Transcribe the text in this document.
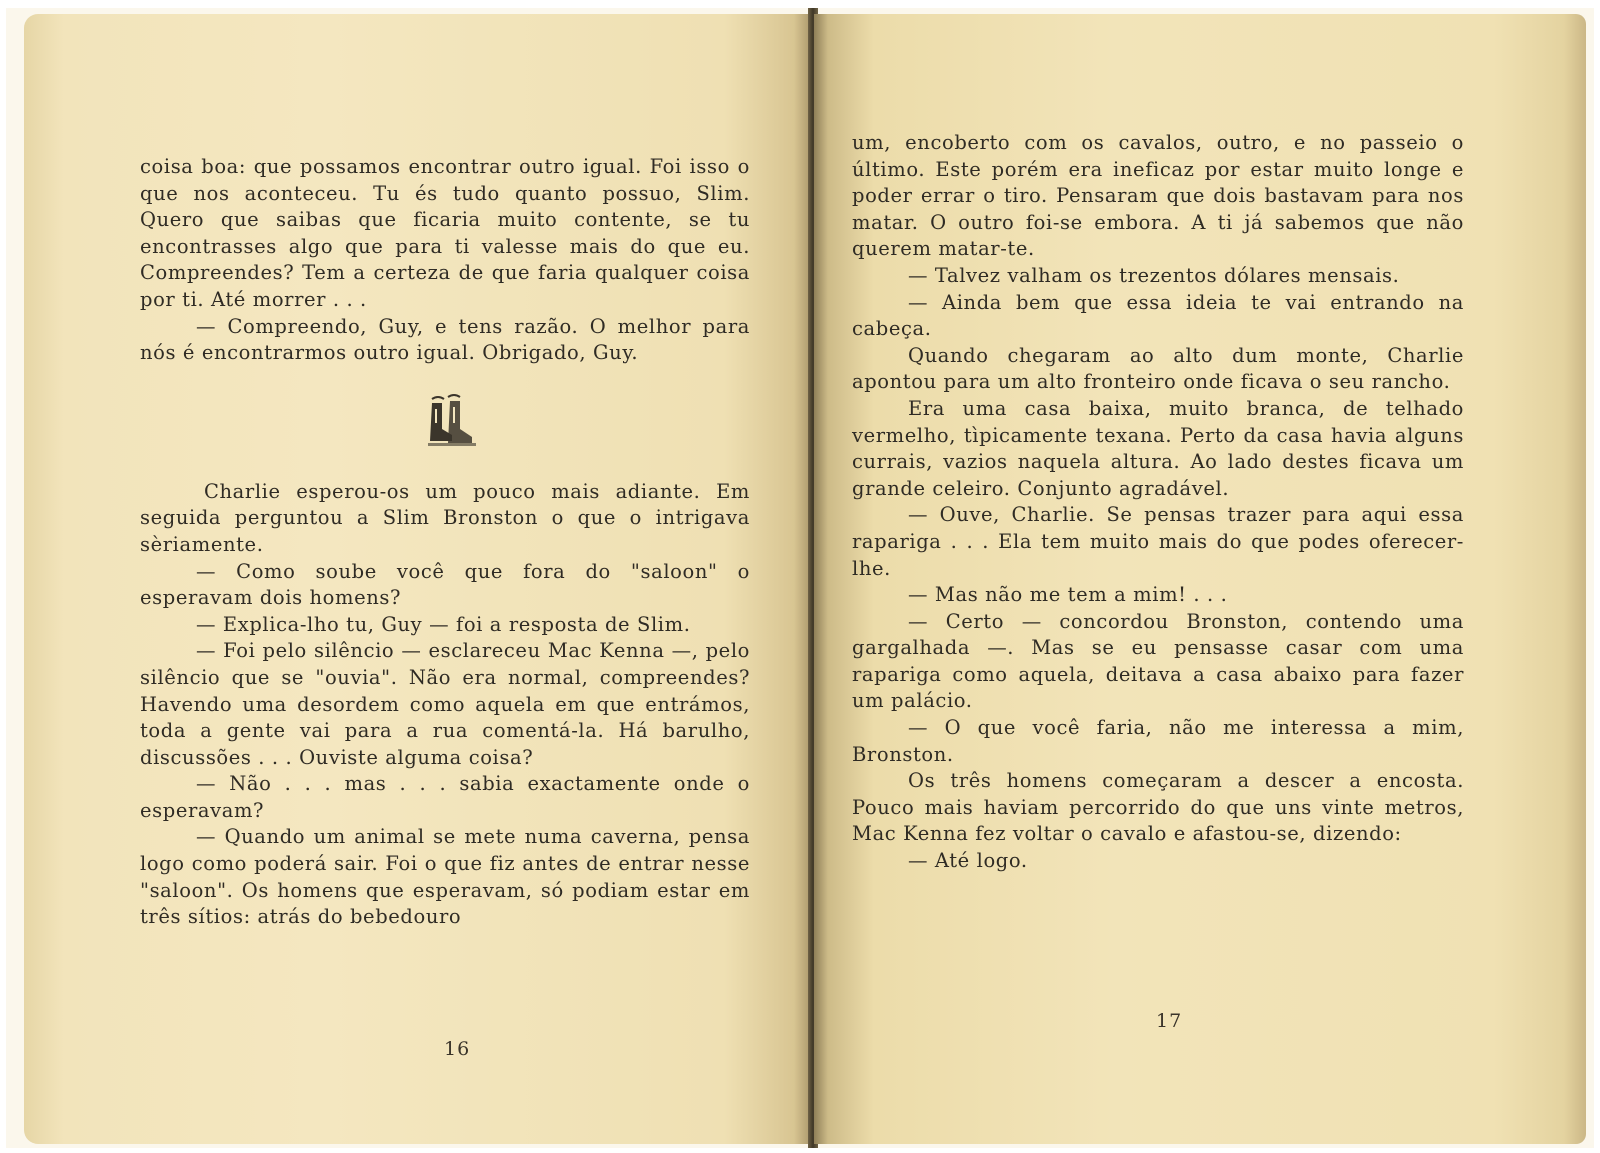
coisa boa: que possamos encontrar outro igual. Foi isso o que nos aconteceu. Tu és tudo quanto possuo, Slim. Quero que saibas que ficaria muito contente, se tu encontrasses algo que para ti valesse mais do que eu. Compreendes? Tem a certeza de que faria qualquer coisa por ti. Até morrer . . .

— Compreendo, Guy, e tens razão. O melhor para nós é encontrarmos outro igual. Obrigado, Guy.

Charlie esperou-os um pouco mais adiante. Em seguida perguntou a Slim Bronston o que o intrigava sèriamente.

— Como soube você que fora do "saloon" o esperavam dois homens?

— Explica-lho tu, Guy — foi a resposta de Slim.

— Foi pelo silêncio — esclareceu Mac Kenna —, pelo silêncio que se "ouvia". Não era normal, compreendes? Havendo uma desordem como aquela em que entrámos, toda a gente vai para a rua comentá-la. Há barulho, discussões . . . Ouviste alguma coisa?

— Não . . . mas . . . sabia exactamente onde o esperavam?

— Quando um animal se mete numa caverna, pensa logo como poderá sair. Foi o que fiz antes de entrar nesse "saloon". Os homens que esperavam, só podiam estar em três sítios: atrás do bebedouro

16

um, encoberto com os cavalos, outro, e no passeio o último. Este porém era ineficaz por estar muito longe e poder errar o tiro. Pensaram que dois bastavam para nos matar. O outro foi-se embora. A ti já sabemos que não querem matar-te.

— Talvez valham os trezentos dólares mensais.

— Ainda bem que essa ideia te vai entrando na cabeça.

Quando chegaram ao alto dum monte, Charlie apontou para um alto fronteiro onde ficava o seu rancho.

Era uma casa baixa, muito branca, de telhado vermelho, tìpicamente texana. Perto da casa havia alguns currais, vazios naquela altura. Ao lado destes ficava um grande celeiro. Conjunto agradável.

— Ouve, Charlie. Se pensas trazer para aqui essa rapariga . . . Ela tem muito mais do que podes oferecer-lhe.

— Mas não me tem a mim! . . .

— Certo — concordou Bronston, contendo uma gargalhada —. Mas se eu pensasse casar com uma rapariga como aquela, deitava a casa abaixo para fazer um palácio.

— O que você faria, não me interessa a mim, Bronston.

Os três homens começaram a descer a encosta. Pouco mais haviam percorrido do que uns vinte metros, Mac Kenna fez voltar o cavalo e afastou-se, dizendo:

— Até logo.

17
